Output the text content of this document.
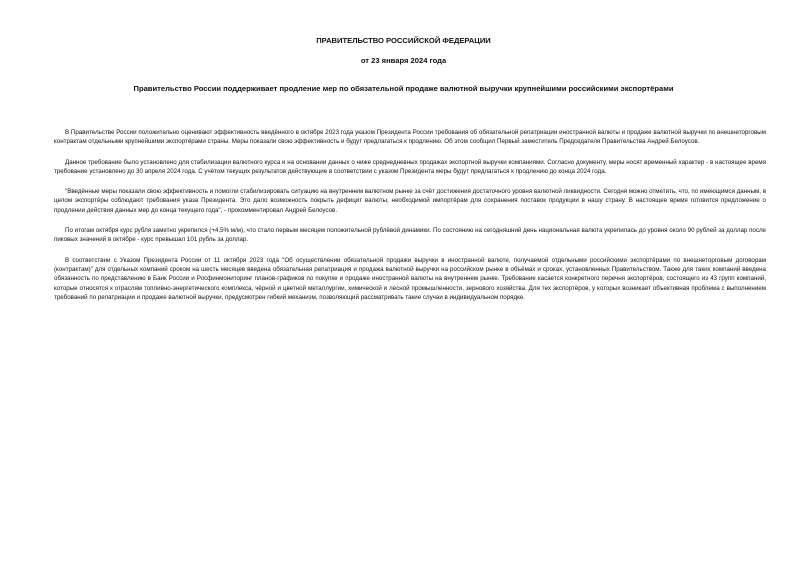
ПРАВИТЕЛЬСТВО РОССИЙСКОЙ ФЕДЕРАЦИИ
от 23 января 2024 года
Правительство России поддерживает продление мер по обязательной продаже валютной выручки крупнейшими российскими экспортёрами

В Правительстве России положительно оценивают эффективность введённого в октябре 2023 года указом Президента России требования об обязательной репатриации иностранной валюты и продаже валютной выручки по внешнеторговым контрактам отдельными крупнейшими экспортёрами страны. Меры показали свою эффективность и будут предлагаться к продлению. Об этом сообщил Первый заместитель Председателя Правительства Андрей Белоусов.

Данное требование было установлено для стабилизации валютного курса и на основании данных о ниже среднедневных продажах экспортной выручки компаниями. Согласно документу, меры носят временный характер - в настоящее время требование установлено до 30 апреля 2024 года. С учётом текущих результатов действующие в соответствии с указом Президента меры будут предлагаться к продлению до конца 2024 года.

"Введённые меры показали свою эффективность и помогли стабилизировать ситуацию на внутреннем валютном рынке за счёт достижения достаточного уровня валютной ликвидности. Сегодня можно отметить, что, по имеющимся данным, в целом экспортёры соблюдают требования указа Президента. Это дало возможность покрыть дефицит валюты, необходимой импортёрам для сохранения поставок продукции в нашу страну. В настоящее время готовится предложение о продлении действия данных мер до конца текущего года", - прокомментировал Андрей Белоусов.

По итогам октября курс рубля заметно укрепился (+4,5% м/м), что стало первым месяцем положительной рублёвой динамики. По состоянию на сегодняшний день национальная валюта укрепилась до уровня около 90 рублей за доллар после пиковых значений в октябре - курс превышал 101 рубль за доллар.

В соответствии с Указом Президента России от 11 октября 2023 года "Об осуществлении обязательной продажи выручки в иностранной валюте, получаемой отдельными российскими экспортёрами по внешнеторговым договорам (контрактам)" для отдельных компаний сроком на шесть месяцев введена обязательная репатриация и продажа валютной выручки на российском рынке в объёмах и сроках, установленных Правительством. Также для таких компаний введена обязанность по представлению в Банк России и Росфинмониторинг планов-графиков по покупке и продаже иностранной валюты на внутреннем рынке. Требование касается конкретного перечня экспортёров, состоящего из 43 групп компаний, которые относятся к отраслям топливно-энергетического комплекса, чёрной и цветной металлургии, химической и лесной промышленности, зернового хозяйства. Для тех экспортёров, у которых возникает объективная проблема с выполнением требований по репатриации и продаже валютной выручки, предусмотрен гибкий механизм, позволяющий рассматривать такие случаи в индивидуальном порядке.
